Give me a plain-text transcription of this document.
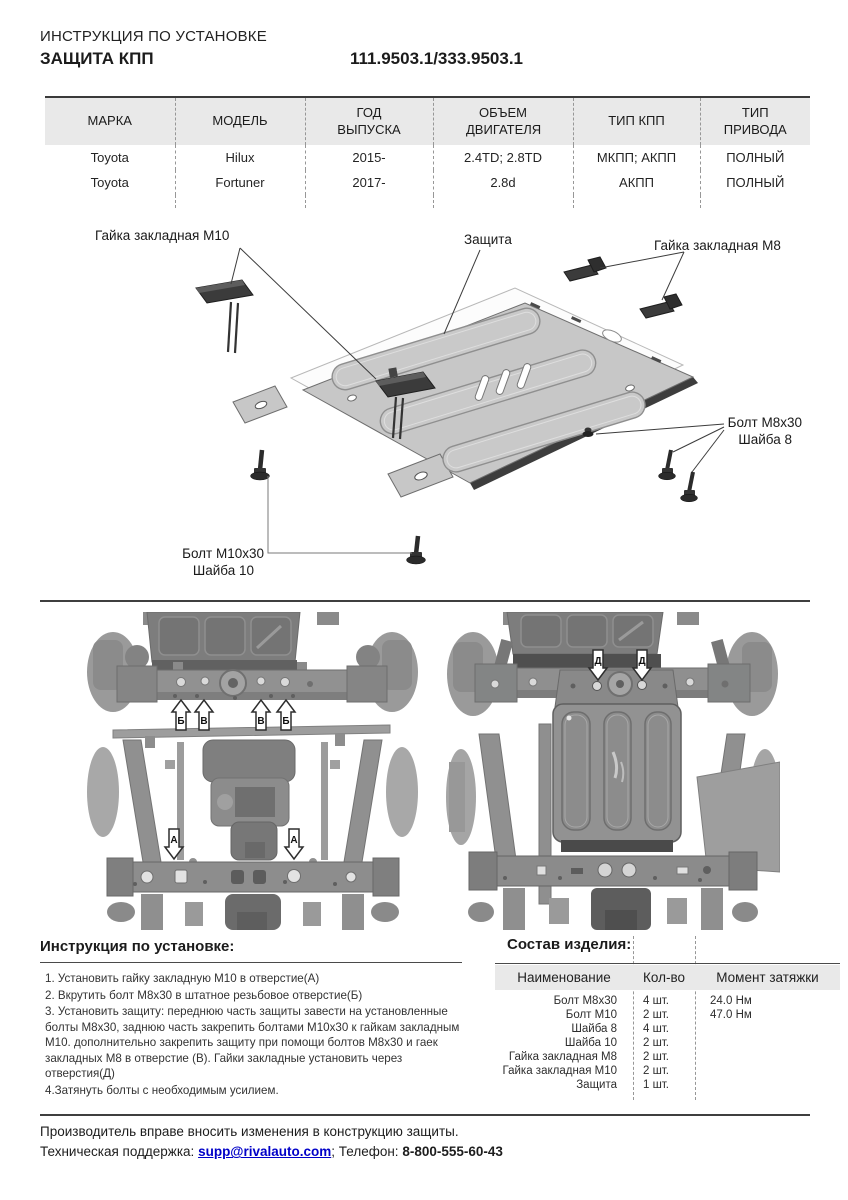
ИНСТРУКЦИЯ ПО УСТАНОВКЕ
ЗАЩИТА КПП	111.9503.1/333.9503.1
МАРКА	МОДЕЛЬ	ГОД ВЫПУСКА	ОБЪЕМ ДВИГАТЕЛЯ	ТИП КПП	ТИП ПРИВОДА
Toyota	Hilux	2015-	2.4TD; 2.8TD	МКПП; АКПП	ПОЛНЫЙ
Toyota	Fortuner	2017-	2.8d	АКПП	ПОЛНЫЙ

Гайка закладная М10	Защита	Гайка закладная М8
Болт М8х30
Шайба 8
Болт М10х30
Шайба 10
Б В	В Б
А	А
Д	Д
Инструкция по установке:
1. Установить гайку закладную М10 в отверстие(А)
2. Вкрутить болт М8х30 в штатное резьбовое отверстие(Б)
3. Установить защиту: переднюю часть защиты завести на установленные болты М8х30, заднюю часть закрепить болтами М10х30 к гайкам закладным М10. дополнительно закрепить защиту при помощи болтов М8х30 и гаек закладных М8 в отверстие (В). Гайки закладные установить через отверстия(Д)
4.Затянуть болты с необходимым усилием.
Состав изделия:
Наименование	Кол-во	Момент затяжки
Болт М8х30	4 шт.	24.0 Нм
Болт М10	2 шт.	47.0 Нм
Шайба 8	4 шт.
Шайба 10	2 шт.
Гайка закладная М8	2 шт.
Гайка закладная М10	2 шт.
Защита	1 шт.
Производитель вправе вносить изменения в конструкцию защиты.
Техническая поддержка: supp@rivalauto.com; Телефон: 8-800-555-60-43
